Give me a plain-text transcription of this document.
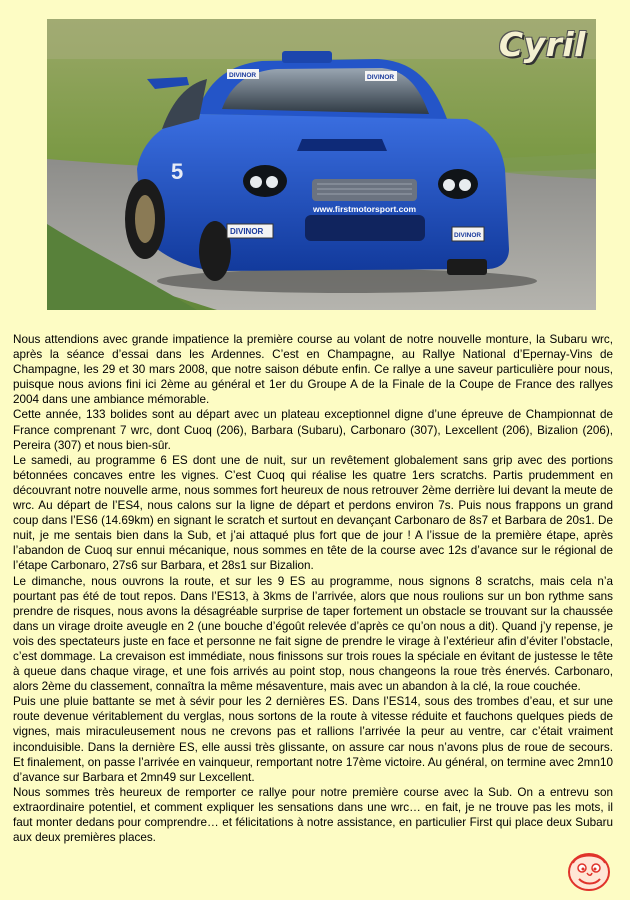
www.firstmotorsport.com
DIVINOR	DIVINOR
DIVINOR	DIVINOR
5
Cyril

Nous attendions avec grande impatience la première course au volant de notre nouvelle monture, la Subaru wrc, après la séance d’essai dans les Ardennes. C’est en Champagne, au Rallye National d’Epernay-Vins de Champagne, les 29 et 30 mars 2008, que notre saison débute enfin. Ce rallye a une saveur particulière pour nous, puisque nous avions fini ici 2ème au général et 1er du Groupe A de la Finale de la Coupe de France des rallyes 2004 dans une ambiance mémorable.

Cette année, 133 bolides sont au départ avec un plateau exceptionnel digne d’une épreuve de Championnat de France comprenant 7 wrc, dont Cuoq (206), Barbara (Subaru), Carbonaro (307), Lexcellent (206), Bizalion (206), Pereira (307) et nous bien-sûr.

Le samedi, au programme 6 ES dont une de nuit, sur un revêtement globalement sans grip avec des portions bétonnées concaves entre les vignes. C’est Cuoq qui réalise les quatre 1ers scratchs. Partis prudemment en découvrant notre nouvelle arme, nous sommes fort heureux de nous retrouver 2ème derrière lui devant la meute de wrc. Au départ de l’ES4, nous calons sur la ligne de départ et perdons environ 7s. Puis nous frappons un grand coup dans l’ES6 (14.69km) en signant le scratch et surtout en devançant Carbonaro de 8s7 et Barbara de 20s1. De nuit, je me sentais bien dans la Sub, et j’ai attaqué plus fort que de jour ! A l’issue de la première étape, après l’abandon de Cuoq sur ennui mécanique, nous sommes en tête de la course avec 12s d’avance sur le régional de l’étape Carbonaro, 27s6 sur Barbara, et 28s1 sur Bizalion.

Le dimanche, nous ouvrons la route, et sur les 9 ES au programme, nous signons 8 scratchs, mais cela n’a pourtant pas été de tout repos. Dans l’ES13, à 3kms de l’arrivée, alors que nous roulions sur un bon rythme sans prendre de risques, nous avons la désagréable surprise de taper fortement un obstacle se trouvant sur la chaussée dans un virage droite aveugle en 2 (une bouche d’égoût relevée d’après ce qu’on nous a dit). Quand j’y repense, je vois des spectateurs juste en face et personne ne fait signe de prendre le virage à l’extérieur afin d’éviter l’obstacle, c’est dommage. La crevaison est immédiate, nous finissons sur trois roues la spéciale en évitant de justesse le tête à queue dans chaque virage, et une fois arrivés au point stop, nous changeons la roue très énervés. Carbonaro, alors 2ème du classement, connaîtra la même mésaventure, mais avec un abandon à la clé, la roue couchée.

Puis une pluie battante se met à sévir pour les 2 dernières ES. Dans l’ES14, sous des trombes d’eau, et sur une route devenue véritablement du verglas, nous sortons de la route à vitesse réduite et fauchons quelques pieds de vignes, mais miraculeusement nous ne crevons pas et rallions l’arrivée la peur au ventre, car c’était vraiment inconduisible. Dans la dernière ES, elle aussi très glissante, on assure car nous n’avons plus de roue de secours. Et finalement, on passe l’arrivée en vainqueur, remportant notre 17ème victoire. Au général, on termine avec 2mn10 d’avance sur Barbara et 2mn49 sur Lexcellent.

Nous sommes très heureux de remporter ce rallye pour notre première course avec la Sub. On a entrevu son extraordinaire potentiel, et comment expliquer les sensations dans une wrc… en fait, je ne trouve pas les mots, il faut monter dedans pour comprendre… et félicitations à notre assistance, en particulier First qui place deux Subaru aux deux premières places.
